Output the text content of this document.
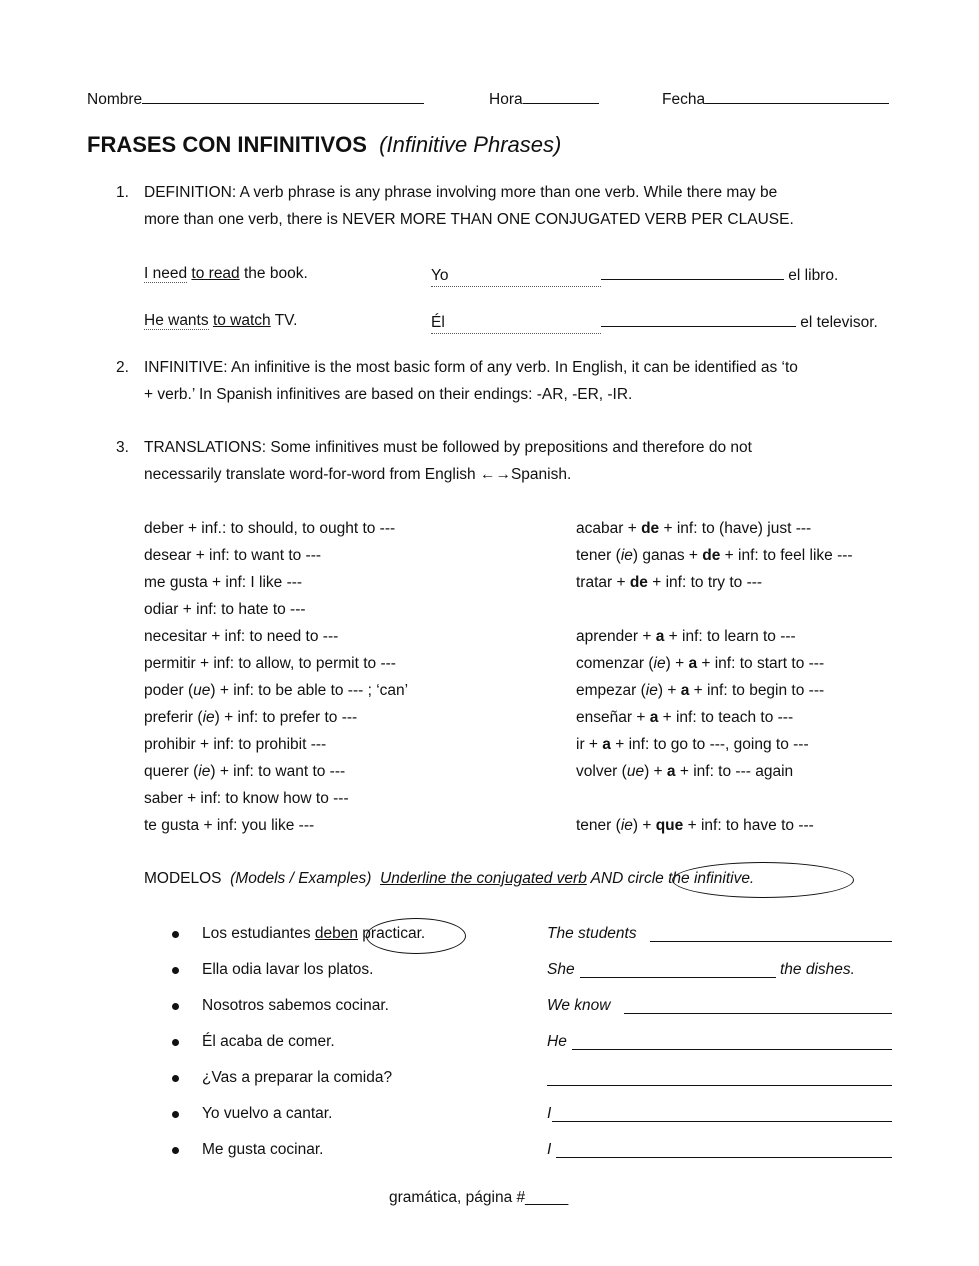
Nombre	Hora	Fecha
FRASES CON INFINITIVOS (Infinitive Phrases)
1. DEFINITION: A verb phrase is any phrase involving more than one verb. While there may be
more than one verb, there is NEVER MORE THAN ONE CONJUGATED VERB PER CLAUSE.
I need to read the book.	Yo	el libro.
He wants to watch TV.	Él	el televisor.
2. INFINITIVE: An infinitive is the most basic form of any verb. In English, it can be identified as ‘to
+ verb.’ In Spanish infinitives are based on their endings: -AR, -ER, -IR.
3. TRANSLATIONS: Some infinitives must be followed by prepositions and therefore do not
necessarily translate word-for-word from English ←→Spanish.
MODELOS (Models / Examples) Underline the conjugated verb AND circle the infinitive.
gramática, página #_____
deber + inf.: to should, to ought to ---
desear + inf: to want to ---
me gusta + inf: I like ---
odiar + inf: to hate to ---
necesitar + inf: to need to ---
permitir + inf: to allow, to permit to ---
poder (ue) + inf: to be able to --- ; ‘can’
preferir (ie) + inf: to prefer to ---
prohibir + inf: to prohibit ---
querer (ie) + inf: to want to ---
saber + inf: to know how to ---
te gusta + inf: you like ---
acabar + de + inf: to (have) just ---
tener (ie) ganas + de + inf: to feel like ---
tratar + de + inf: to try to ---
aprender + a + inf: to learn to ---
comenzar (ie) + a + inf: to start to ---
empezar (ie) + a + inf: to begin to ---
enseñar + a + inf: to teach to ---
ir + a + inf: to go to ---, going to ---
volver (ue) + a + inf: to --- again
tener (ie) + que + inf: to have to ---
Los estudiantes deben practicar.	The students
Ella odia lavar los platos.	She	the dishes.
Nosotros sabemos cocinar.	We know
Él acaba de comer.	He
¿Vas a preparar la comida?
Yo vuelvo a cantar.	I
Me gusta cocinar.	I
